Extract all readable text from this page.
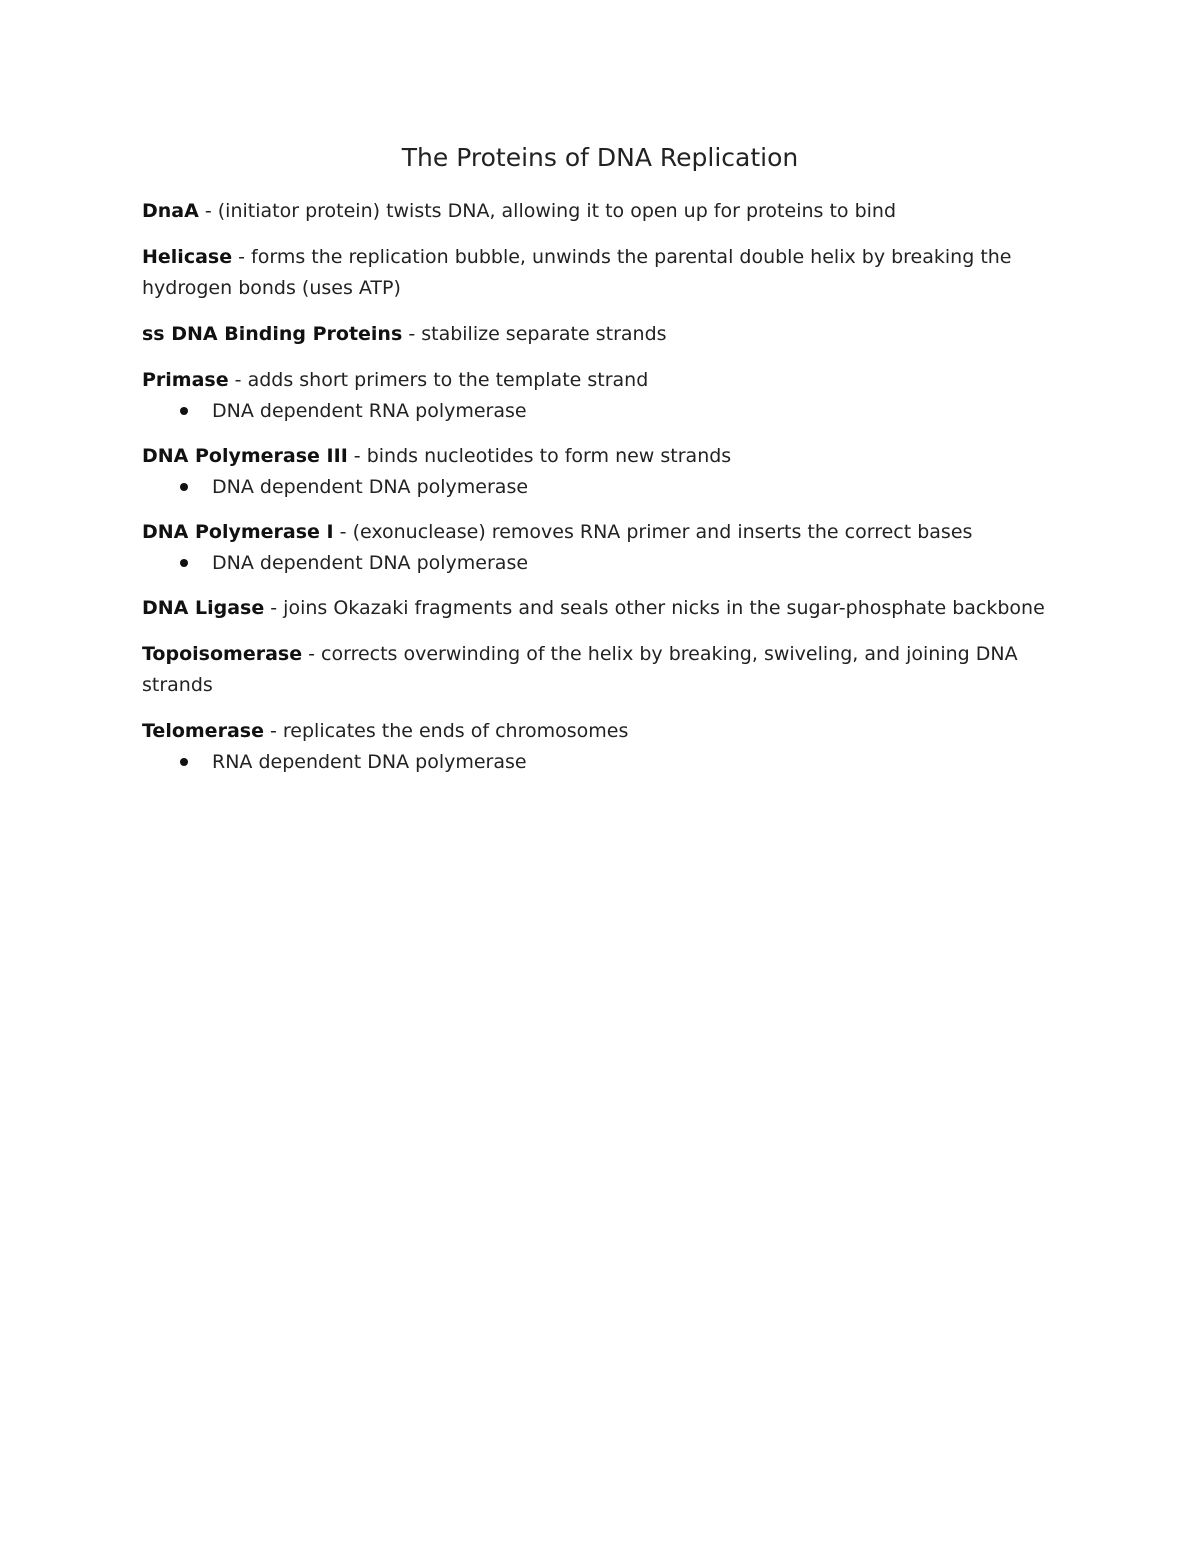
The Proteins of DNA Replication

DnaA - (initiator protein) twists DNA, allowing it to open up for proteins to bind

Helicase - forms the replication bubble, unwinds the parental double helix by breaking the hydrogen bonds (uses ATP)

ss DNA Binding Proteins - stabilize separate strands

Primase - adds short primers to the template strand

DNA dependent RNA polymerase

DNA Polymerase III - binds nucleotides to form new strands

DNA dependent DNA polymerase

DNA Polymerase I - (exonuclease) removes RNA primer and inserts the correct bases

DNA dependent DNA polymerase

DNA Ligase - joins Okazaki fragments and seals other nicks in the sugar-phosphate backbone

Topoisomerase - corrects overwinding of the helix by breaking, swiveling, and joining DNA strands

Telomerase - replicates the ends of chromosomes

RNA dependent DNA polymerase
